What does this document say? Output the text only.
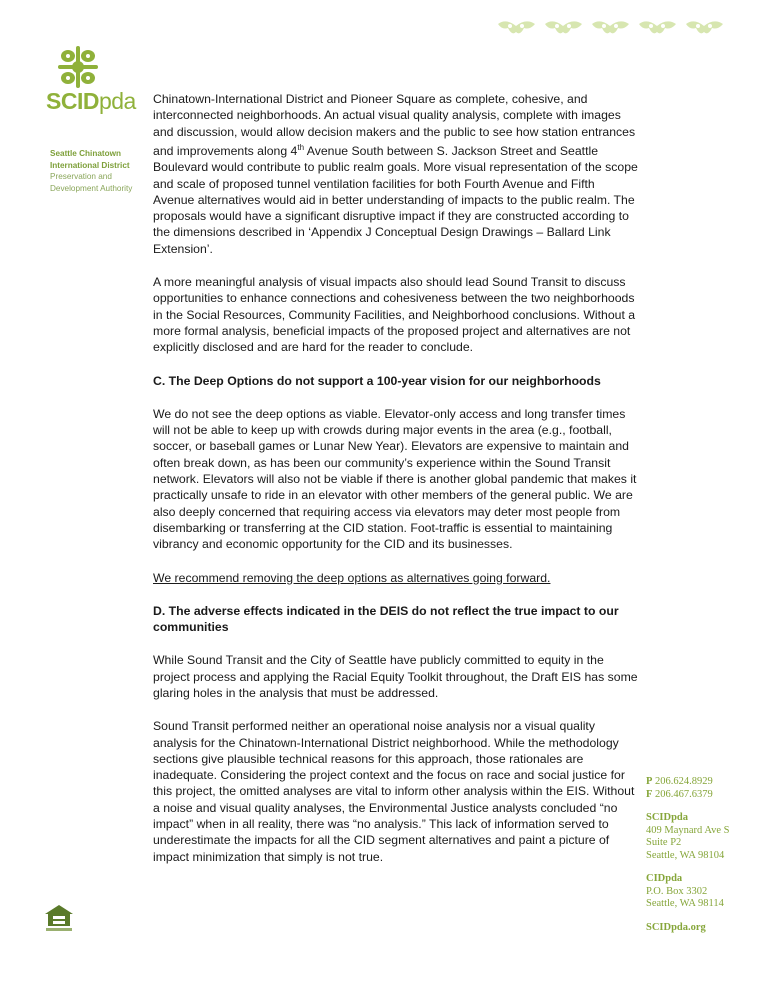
SCIDpda
Seattle Chinatown
International District
Preservation and
Development Authority

Chinatown-International District and Pioneer Square as complete, cohesive, and interconnected neighborhoods. An actual visual quality analysis, complete with images and discussion, would allow decision makers and the public to see how station entrances and improvements along 4th Avenue South between S. Jackson Street and Seattle Boulevard would contribute to public realm goals. More visual representation of the scope and scale of proposed tunnel ventilation facilities for both Fourth Avenue and Fifth Avenue alternatives would aid in better understanding of impacts to the public realm. The proposals would have a significant disruptive impact if they are constructed according to the dimensions described in ‘Appendix J Conceptual Design Drawings – Ballard Link Extension’.

A more meaningful analysis of visual impacts also should lead Sound Transit to discuss opportunities to enhance connections and cohesiveness between the two neighborhoods in the Social Resources, Community Facilities, and Neighborhood conclusions. Without a more formal analysis, beneficial impacts of the proposed project and alternatives are not explicitly disclosed and are hard for the reader to conclude.

C. The Deep Options do not support a 100-year vision for our neighborhoods

We do not see the deep options as viable. Elevator-only access and long transfer times will not be able to keep up with crowds during major events in the area (e.g., football, soccer, or baseball games or Lunar New Year). Elevators are expensive to maintain and often break down, as has been our community’s experience within the Sound Transit network. Elevators will also not be viable if there is another global pandemic that makes it practically unsafe to ride in an elevator with other members of the general public. We are also deeply concerned that requiring access via elevators may deter most people from disembarking or transferring at the CID station. Foot-traffic is essential to maintaining vibrancy and economic opportunity for the CID and its businesses.

We recommend removing the deep options as alternatives going forward.

D. The adverse effects indicated in the DEIS do not reflect the true impact to our communities

While Sound Transit and the City of Seattle have publicly committed to equity in the project process and applying the Racial Equity Toolkit throughout, the Draft EIS has some glaring holes in the analysis that must be addressed.

Sound Transit performed neither an operational noise analysis nor a visual quality analysis for the Chinatown-International District neighborhood. While the methodology sections give plausible technical reasons for this approach, those rationales are inadequate. Considering the project context and the focus on race and social justice for this project, the omitted analyses are vital to inform other analysis within the EIS. Without a noise and visual quality analyses, the Environmental Justice analysts concluded “no impact” when in all reality, there was “no analysis.” This lack of information served to underestimate the impacts for all the CID segment alternatives and paint a picture of impact minimization that simply is not true.

P 206.624.8929
F 206.467.6379
SCIDpda
409 Maynard Ave S
Suite P2
Seattle, WA 98104
CIDpda
P.O. Box 3302
Seattle, WA 98114
SCIDpda.org
